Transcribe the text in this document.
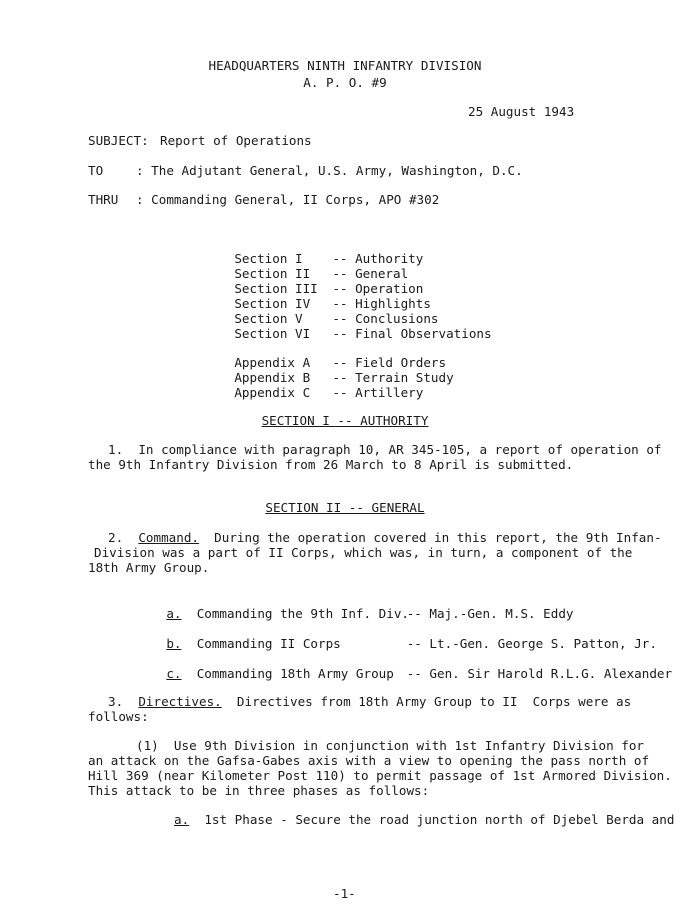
HEADQUARTERS NINTH INFANTRY DIVISION
A. P. O. #9
25 August 1943
SUBJECT: Report of Operations
TO	: The Adjutant General, U.S. Army, Washington, D.C.
THRU : Commanding General, II Corps, APO #302

Section I -- Authority

Section II -- General

Section III -- Operation

Section IV -- Highlights

Section V -- Conclusions

Section VI -- Final Observations

Appendix A -- Field Orders

Appendix B -- Terrain Study

Appendix C -- Artillery

SECTION I -- AUTHORITY
1.  In compliance with paragraph 10, AR 345-105, a report of operation of
the 9th Infantry Division from 26 March to 8 April is submitted.
SECTION II -- GENERAL
2. Command.  During the operation covered in this report, the 9th Infan-
Division was a part of II Corps, which was, in turn, a component of the
18th Army Group.

a. Commanding the 9th Inf. Div.-- Maj.-Gen. M.S. Eddy

b. Commanding II Corps	-- Lt.-Gen. George S. Patton, Jr.

c. Commanding 18th Army Group -- Gen. Sir Harold R.L.G. Alexander

3. Directives.  Directives from 18th Army Group to II  Corps were as
follows:
(1)  Use 9th Division in conjunction with 1st Infantry Division for
an attack on the Gafsa-Gabes axis with a view to opening the pass north of
Hill 369 (near Kilometer Post 110) to permit passage of 1st Armored Division.
This attack to be in three phases as follows:
a.  1st Phase - Secure the road junction north of Djebel Berda and
-1-
